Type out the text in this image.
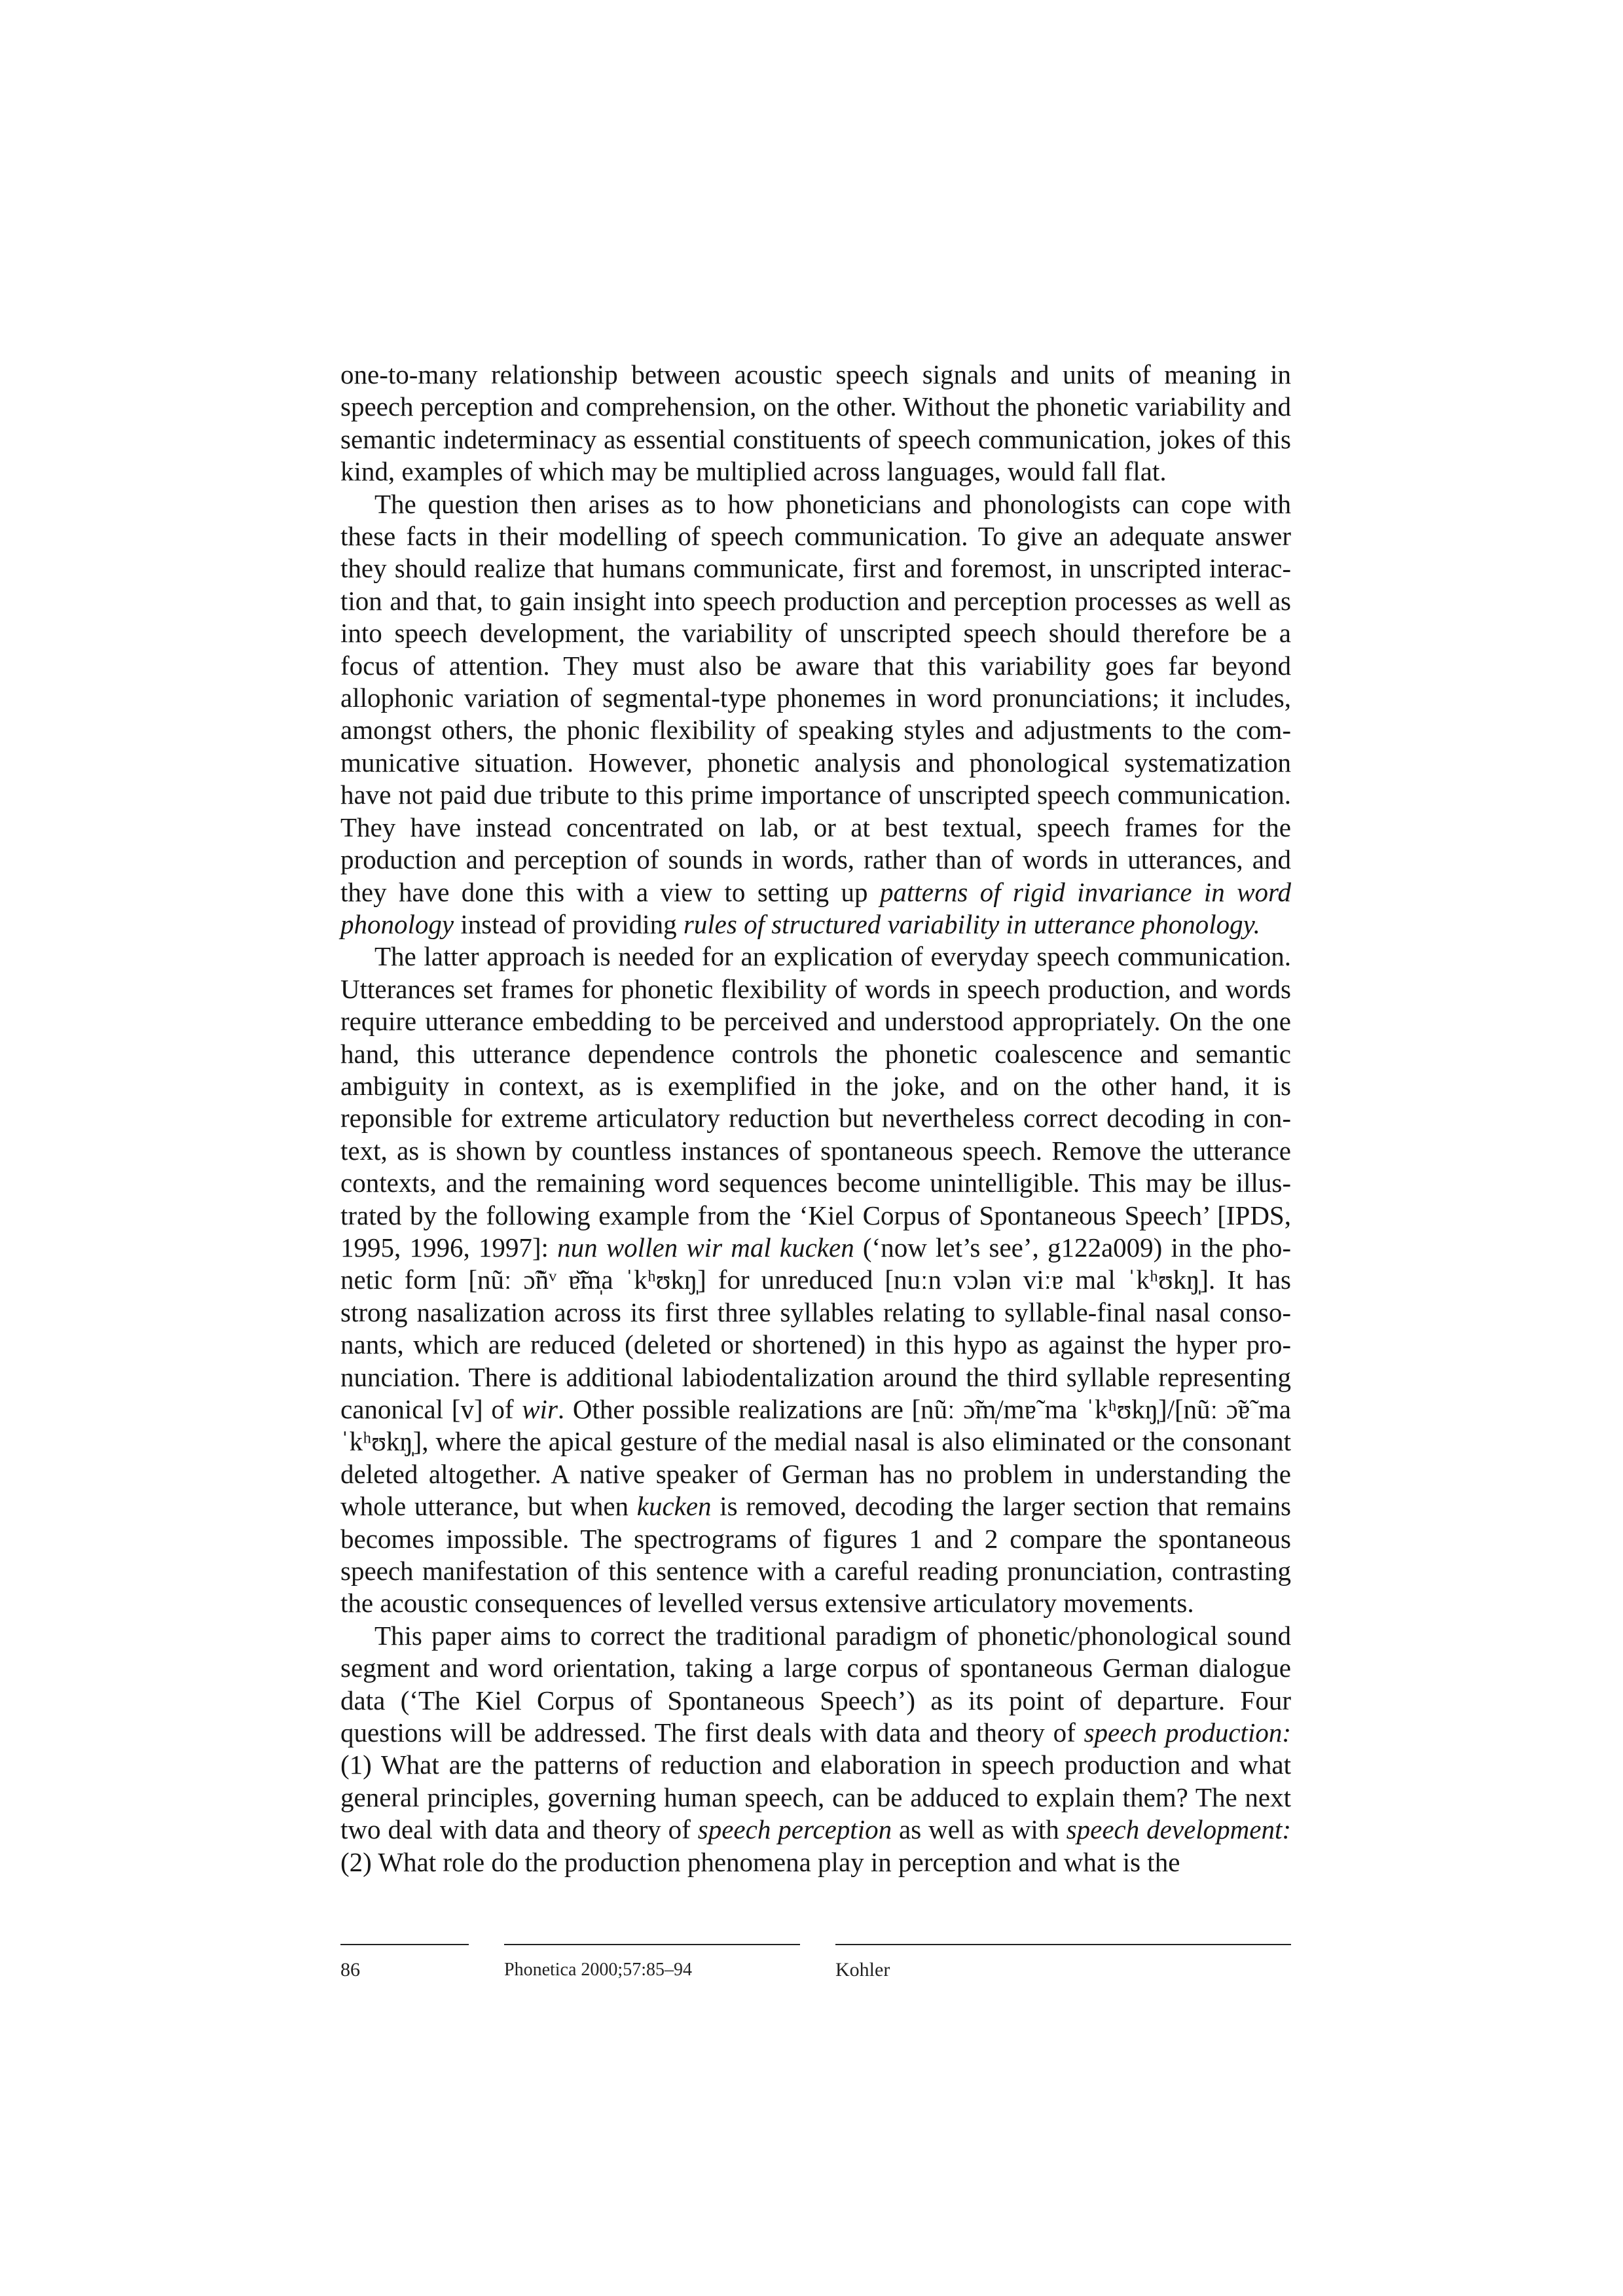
one-to-many relationship between acoustic speech signals and units of meaning in speech perception and comprehension, on the other. Without the phonetic variability and semantic indeterminacy as essential constituents of speech communication, jokes of this kind, examples of which may be multiplied across languages, would fall flat.

The question then arises as to how phoneticians and phonologists can cope with these facts in their modelling of speech communication. To give an adequate answer they should realize that humans communicate, first and foremost, in unscripted interaction and that, to gain insight into speech production and perception processes as well as into speech development, the variability of unscripted speech should therefore be a focus of attention. They must also be aware that this variability goes far beyond allophonic variation of segmental-type phonemes in word pronunciations; it includes, amongst others, the phonic flexibility of speaking styles and adjustments to the communicative situation. However, phonetic analysis and phonological systematization have not paid due tribute to this prime importance of unscripted speech communication. They have instead concentrated on lab, or at best textual, speech frames for the production and perception of sounds in words, rather than of words in utterances, and they have done this with a view to setting up patterns of rigid invariance in word phonology instead of providing rules of structured variability in utterance phonology.

The latter approach is needed for an explication of everyday speech communication. Utterances set frames for phonetic flexibility of words in speech production, and words require utterance embedding to be perceived and understood appropriately. On the one hand, this utterance dependence controls the phonetic coalescence and semantic ambiguity in context, as is exemplified in the joke, and on the other hand, it is reponsible for extreme articulatory reduction but nevertheless correct decoding in context, as is shown by countless instances of spontaneous speech. Remove the utterance contexts, and the remaining word sequences become unintelligible. This may be illustrated by the following example from the ‘Kiel Corpus of Spontaneous Speech’ [IPDS, 1995, 1996, 1997]: nun wollen wir mal kucken (‘now let’s see’, g122a009) in the phonetic form [nũː ɔ̃ñᵛ ɐ̆̃m̩a ˈkʰʊkŋ̩] for unreduced [nuːn vɔlən viːɐ mal ˈkʰʊkŋ̩]. It has strong nasalization across its first three syllables relating to syllable-final nasal consonants, which are reduced (deleted or shortened) in this hypo as against the hyper pronunciation. There is additional labiodentalization around the third syllable representing canonical [v] of wir. Other possible realizations are [nũː ɔ̃m̩/mɐ̃ ma ˈkʰʊkŋ̩]/[nũː ɔ̃ɐ̃ ma ˈkʰʊkŋ̩], where the apical gesture of the medial nasal is also eliminated or the consonant deleted altogether. A native speaker of German has no problem in understanding the whole utterance, but when kucken is removed, decoding the larger section that remains becomes impossible. The spectrograms of figures 1 and 2 compare the spontaneous speech manifestation of this sentence with a careful reading pronunciation, contrasting the acoustic consequences of levelled versus extensive articulatory movements.

This paper aims to correct the traditional paradigm of phonetic/phonological sound segment and word orientation, taking a large corpus of spontaneous German dialogue data (‘The Kiel Corpus of Spontaneous Speech’) as its point of departure. Four questions will be addressed. The first deals with data and theory of speech production: (1) What are the patterns of reduction and elaboration in speech production and what general principles, governing human speech, can be adduced to explain them? The next two deal with data and theory of speech perception as well as with speech development: (2) What role do the production phenomena play in perception and what is the

86	Phonetica 2000;57:85–94	Kohler
